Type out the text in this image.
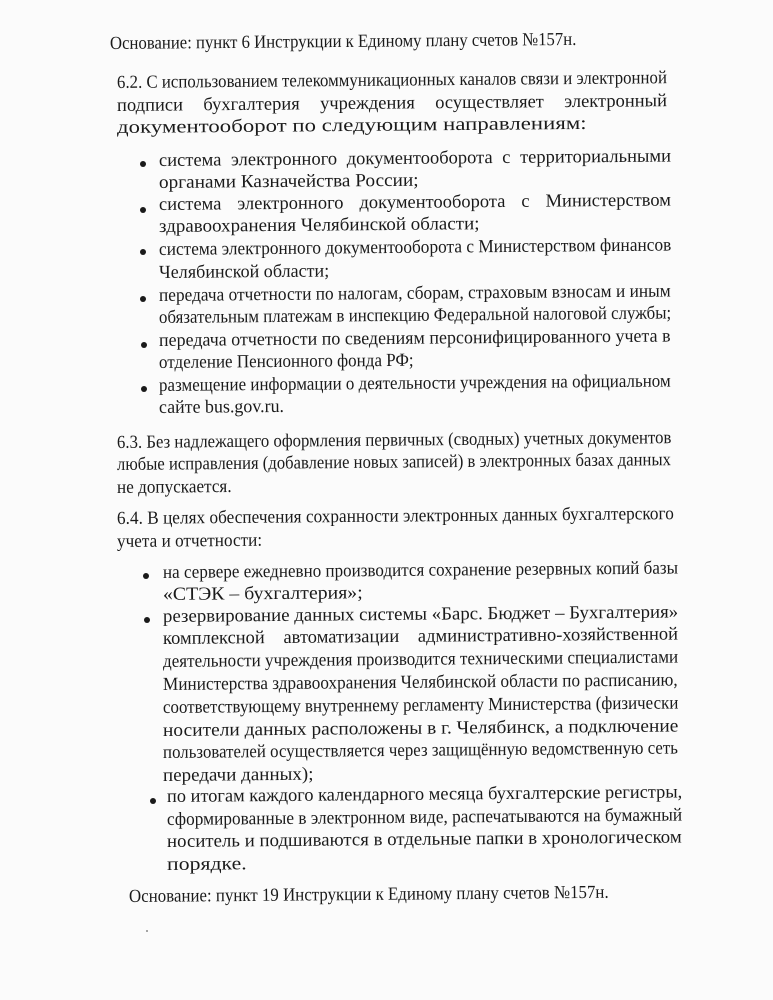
Основание: пункт 6 Инструкции к Единому плану счетов №157н.
6.2. С использованием телекоммуникационных каналов связи и электронной
подписи бухгалтерия учреждения осуществляет электронный
документооборот по следующим направлениям:
система электронного документооборота с территориальными
органами Казначейства России;
система электронного документооборота с Министерством
здравоохранения Челябинской области;
система электронного документооборота с Министерством финансов
Челябинской области;
передача отчетности по налогам, сборам, страховым взносам и иным
обязательным платежам в инспекцию Федеральной налоговой службы;
передача отчетности по сведениям персонифицированного учета в
отделение Пенсионного фонда РФ;
размещение информации о деятельности учреждения на официальном
сайте bus.gov.ru.
6.3. Без надлежащего оформления первичных (сводных) учетных документов
любые исправления (добавление новых записей) в электронных базах данных
не допускается.
6.4. В целях обеспечения сохранности электронных данных бухгалтерского
учета и отчетности:
на сервере ежедневно производится сохранение резервных копий базы
«СТЭК – бухгалтерия»;
резервирование данных системы «Барс. Бюджет – Бухгалтерия»
комплексной автоматизации административно-хозяйственной
деятельности учреждения производится техническими специалистами
Министерства здравоохранения Челябинской области по расписанию,
соответствующему внутреннему регламенту Министерства (физически
носители данных расположены в г. Челябинск, а подключение
пользователей осуществляется через защищённую ведомственную сеть
передачи данных);
по итогам каждого календарного месяца бухгалтерские регистры,
сформированные в электронном виде, распечатываются на бумажный
носитель и подшиваются в отдельные папки в хронологическом
порядке.
Основание: пункт 19 Инструкции к Единому плану счетов №157н.
